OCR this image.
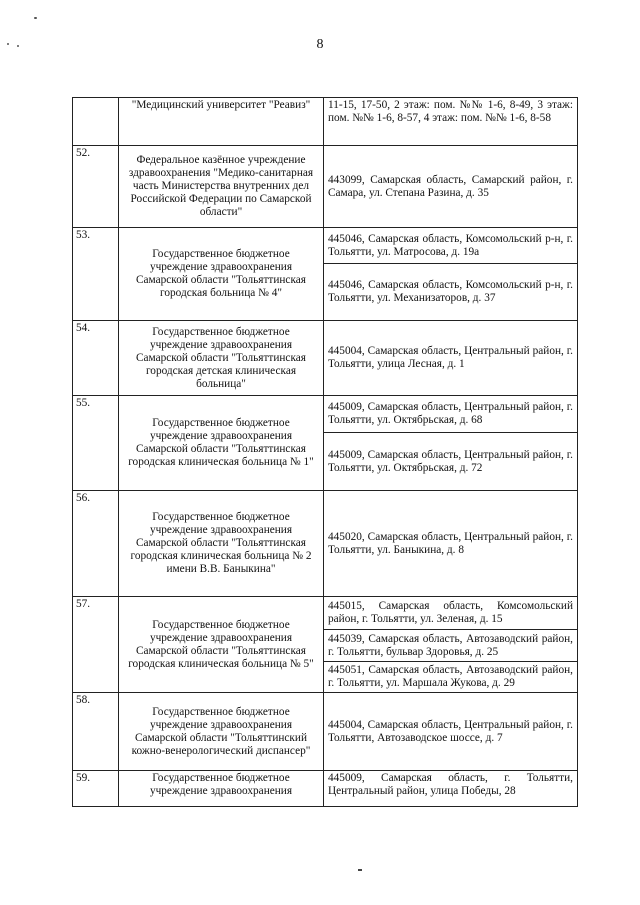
8
	"Медицинский университет "Реавиз"	11-15, 17-50, 2 этаж: пом. №№ 1-6, 8-49, 3 этаж: пом. №№ 1-6, 8-57, 4 этаж: пом. №№ 1-6, 8-58
52.	Федеральное казённое учреждение здравоохранения "Медико-санитарная часть Министерства внутренних дел Российской Федерации по Самарской области"	443099, Самарская область, Самарский район, г. Самара, ул. Степана Разина, д. 35
53.	Государственное бюджетное учреждение здравоохранения Самарской области "Тольяттинская городская больница № 4"	445046, Самарская область, Комсомольский р-н, г. Тольятти, ул. Матросова, д. 19а
445046, Самарская область, Комсомольский р-н, г. Тольятти, ул. Механизаторов, д. 37

54.	Государственное бюджетное учреждение здравоохранения Самарской области "Тольяттинская городская детская клиническая больница"	445004, Самарская область, Центральный район, г. Тольятти, улица Лесная, д. 1
55.	Государственное бюджетное учреждение здравоохранения Самарской области "Тольяттинская городская клиническая больница № 1"	445009, Самарская область, Центральный район, г. Тольятти, ул. Октябрьская, д. 68
445009, Самарская область, Центральный район, г. Тольятти, ул. Октябрьская, д. 72

56.	Государственное бюджетное учреждение здравоохранения Самарской области "Тольяттинская городская клиническая больница № 2 имени В.В. Баныкина"	445020, Самарская область, Центральный район, г. Тольятти, ул. Баныкина, д. 8
57.	Государственное бюджетное учреждение здравоохранения Самарской области "Тольяттинская городская клиническая больница № 5"	445015, Самарская область, Комсомольский район, г. Тольятти, ул. Зеленая, д. 15
445039, Самарская область, Автозаводский район, г. Тольятти, бульвар Здоровья, д. 25
445051, Самарская область, Автозаводский район, г. Тольятти, ул. Маршала Жукова, д. 29

58.	Государственное бюджетное учреждение здравоохранения Самарской области "Тольяттинский кожно-венерологический диспансер"	445004, Самарская область, Центральный район, г. Тольятти, Автозаводское шоссе, д. 7
59.	Государственное бюджетное учреждение здравоохранения	445009, Самарская область, г. Тольятти, Центральный район, улица Победы, 28
